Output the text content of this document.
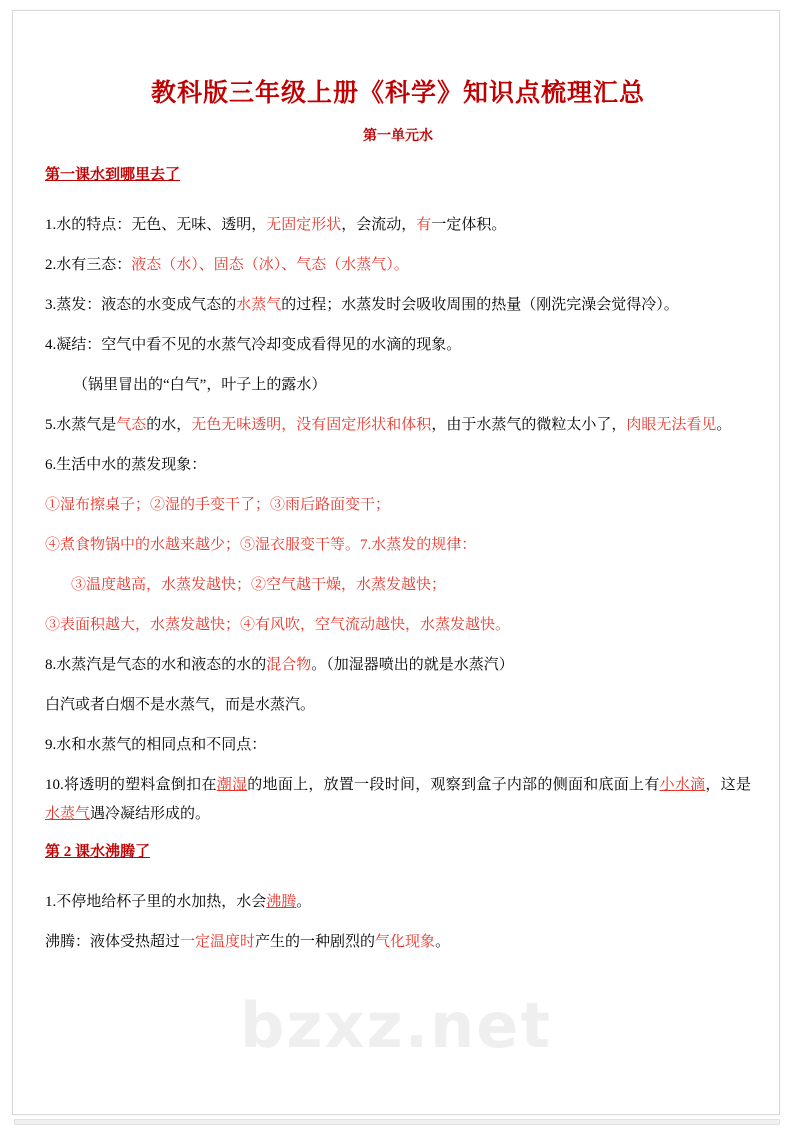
教科版三年级上册《科学》知识点梳理汇总
第一单元水
第一课水到哪里去了

1.水的特点：无色、无味、透明，无固定形状，会流动，有一定体积。

2.水有三态：液态（水）、固态（冰）、气态（水蒸气）。

3.蒸发：液态的水变成气态的水蒸气的过程；水蒸发时会吸收周围的热量（刚洗完澡会觉得冷）。

4.凝结：空气中看不见的水蒸气冷却变成看得见的水滴的现象。

（锅里冒出的“白气”，叶子上的露水）

5.水蒸气是气态的水，无色无味透明，没有固定形状和体积，由于水蒸气的微粒太小了，肉眼无法看见。

6.生活中水的蒸发现象：

①湿布擦桌子；②湿的手变干了；③雨后路面变干；

④煮食物锅中的水越来越少；⑤湿衣服变干等。7.水蒸发的规律：

③温度越高，水蒸发越快；②空气越干燥，水蒸发越快；

③表面积越大，水蒸发越快；④有风吹，空气流动越快，水蒸发越快。

8.水蒸汽是气态的水和液态的水的混合物。（加湿器喷出的就是水蒸汽）

白汽或者白烟不是水蒸气，而是水蒸汽。

9.水和水蒸气的相同点和不同点：

10.将透明的塑料盒倒扣在潮湿的地面上，放置一段时间，观察到盒子内部的侧面和底面上有小水滴，这是水蒸气遇冷凝结形成的。

第 2 课水沸腾了

1.不停地给杯子里的水加热，水会沸腾。

沸腾：液体受热超过一定温度时产生的一种剧烈的气化现象。

bzxz.net
